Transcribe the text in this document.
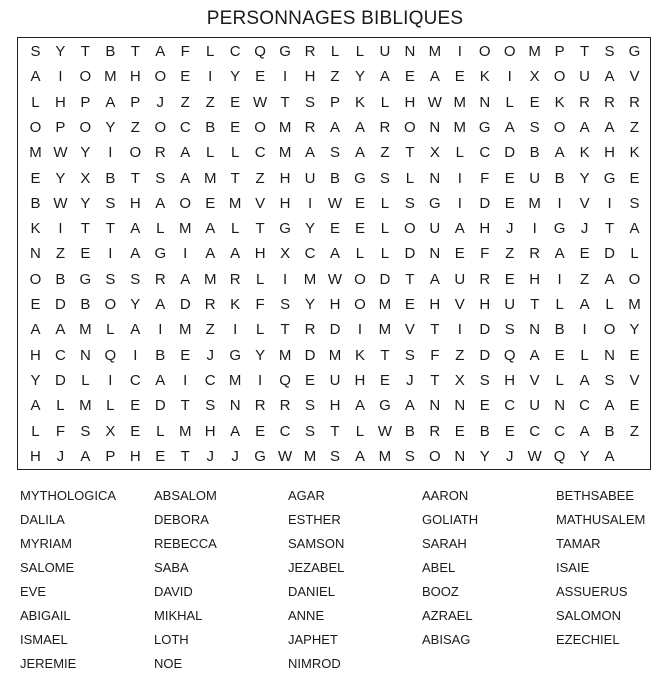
PERSONNAGES BIBLIQUES
S Y	T	B	T	A	F	L	C Q G R	L	L	U N M	I	O O M P	T	S G
A	I	O M H O E	I	Y E	I	H Z	Y A E A E K	I	X O U A V
L	H P A P	J	Z	Z	E W T	S P K	L	H W M N	L	E K R R R
O P O Y	Z O C B E O M R A A R O N M G A S O A A	Z
M W Y	I	O R A	L	L	C M A S A	Z	T	X	L	C D B A K H K
E Y X B	T	S A M T	Z H U B G S	L	N	I	F	E U B Y G E
B W Y S H A O E M V H	I	W E	L	S G	I	D E M	I	V	I	S
K	I	T	T	A	L M A	L	T G Y E E	L O U A H	J	I	G	J	T	A
N Z	E	I	A G	I	A A H X C A	L	L	D N E	F	Z R A E D	L
O B G S S R A M R	L	I	M W O D T	A U R E H	I	Z	A O
E D B O Y A D R K	F	S Y H O M E H V H U T	L	A	L M
A A M L	A	I	M Z	I	L	T R D	I	M V	T	I	D S N B	I	O Y
H C N Q	I	B E	J	G Y M D M K	T	S	F	Z D Q A E	L	N E
Y D	L	I	C A	I	C M	I	Q E U H E	J	T	X S H V	L	A S V
A	L M L	E D T	S N R R S H A G A N N E C U N C A E
L	F	S X E	L M H A E C S	T	L W B R E B E C C A B	Z
H	J	A P H E	T	J	J	G W M S A M S O N Y	J W Q Y A
MYTHOLOGICA	ABSALOM	AGAR	AARON	BETHSABEE
DALILA	DEBORA	ESTHER	GOLIATH	MATHUSALEM
MYRIAM	REBECCA	SAMSON	SARAH	TAMAR
SALOME	SABA	JEZABEL	ABEL	ISAIE
EVE	DAVID	DANIEL	BOOZ	ASSUERUS
ABIGAIL	MIKHAL	ANNE	AZRAEL	SALOMON
ISMAEL	LOTH	JAPHET	ABISAG	EZECHIEL
JEREMIE	NOE	NIMROD
